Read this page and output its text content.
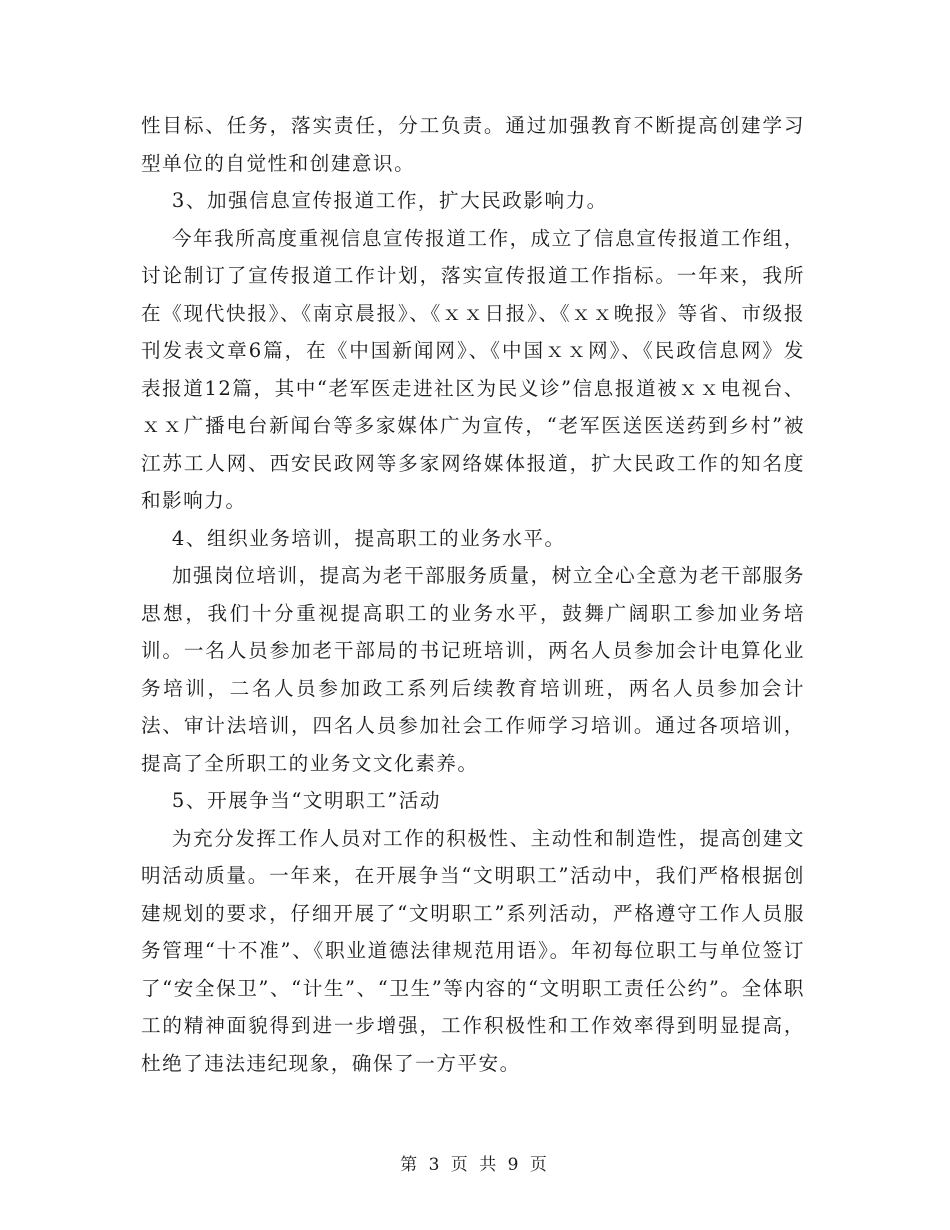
性目标、任务，落实责任，分工负责。通过加强教育不断提高创建学习型单位的自觉性和创建意识。

3、加强信息宣传报道工作，扩大民政影响力。

今年我所高度重视信息宣传报道工作，成立了信息宣传报道工作组，讨论制订了宣传报道工作计划，落实宣传报道工作指标。一年来，我所在《现代快报》、《南京晨报》、《ｘｘ日报》、《ｘｘ晚报》等省、市级报刊发表文章6篇，在《中国新闻网》、《中国ｘｘ网》、《民政信息网》发表报道12篇，其中“老军医走进社区为民义诊”信息报道被ｘｘ电视台、ｘｘ广播电台新闻台等多家媒体广为宣传，“老军医送医送药到乡村”被江苏工人网、西安民政网等多家网络媒体报道，扩大民政工作的知名度和影响力。

4、组织业务培训，提高职工的业务水平。

加强岗位培训，提高为老干部服务质量，树立全心全意为老干部服务思想，我们十分重视提高职工的业务水平，鼓舞广阔职工参加业务培训。一名人员参加老干部局的书记班培训，两名人员参加会计电算化业务培训，二名人员参加政工系列后续教育培训班，两名人员参加会计法、审计法培训，四名人员参加社会工作师学习培训。通过各项培训，提高了全所职工的业务文文化素养。

5、开展争当“文明职工”活动

为充分发挥工作人员对工作的积极性、主动性和制造性，提高创建文明活动质量。一年来，在开展争当“文明职工”活动中，我们严格根据创建规划的要求，仔细开展了“文明职工”系列活动，严格遵守工作人员服务管理“十不准”、《职业道德法律规范用语》。年初每位职工与单位签订了“安全保卫”、“计生”、“卫生”等内容的“文明职工责任公约”。全体职工的精神面貌得到进一步增强，工作积极性和工作效率得到明显提高，杜绝了违法违纪现象，确保了一方平安。

第 3 页 共 9 页
